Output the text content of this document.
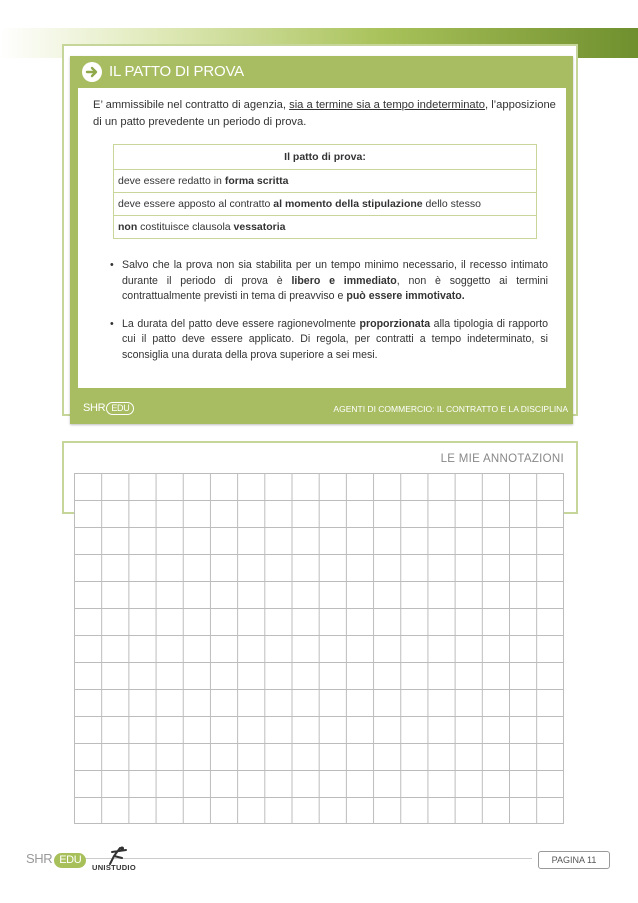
IL PATTO DI PROVA
E’ ammissibile nel contratto di agenzia, sia a termine sia a tempo indeterminato, l’apposizione di un patto prevedente un periodo di prova.
Il patto di prova:
deve essere redatto in forma scritta
deve essere apposto al contratto al momento della stipulazione dello stesso
non costituisce clausola vessatoria
• Salvo che la prova non sia stabilita per un tempo minimo necessario, il recesso intimato durante il periodo di prova è libero e immediato, non è soggetto ai termini contrattualmente previsti in tema di preavviso e può essere immotivato.
• La durata del patto deve essere ragionevolmente proporzionata alla tipologia di rapporto cui il patto deve essere applicato. Di regola, per contratti a tempo indeterminato, si sconsiglia una durata della prova superiore a sei mesi.
SHR EDU	AGENTI DI COMMERCIO: IL CONTRATTO E LA DISCIPLINA
LE MIE ANNOTAZIONI
SHR EDU
UNISTUDIO
PAGINA 11
